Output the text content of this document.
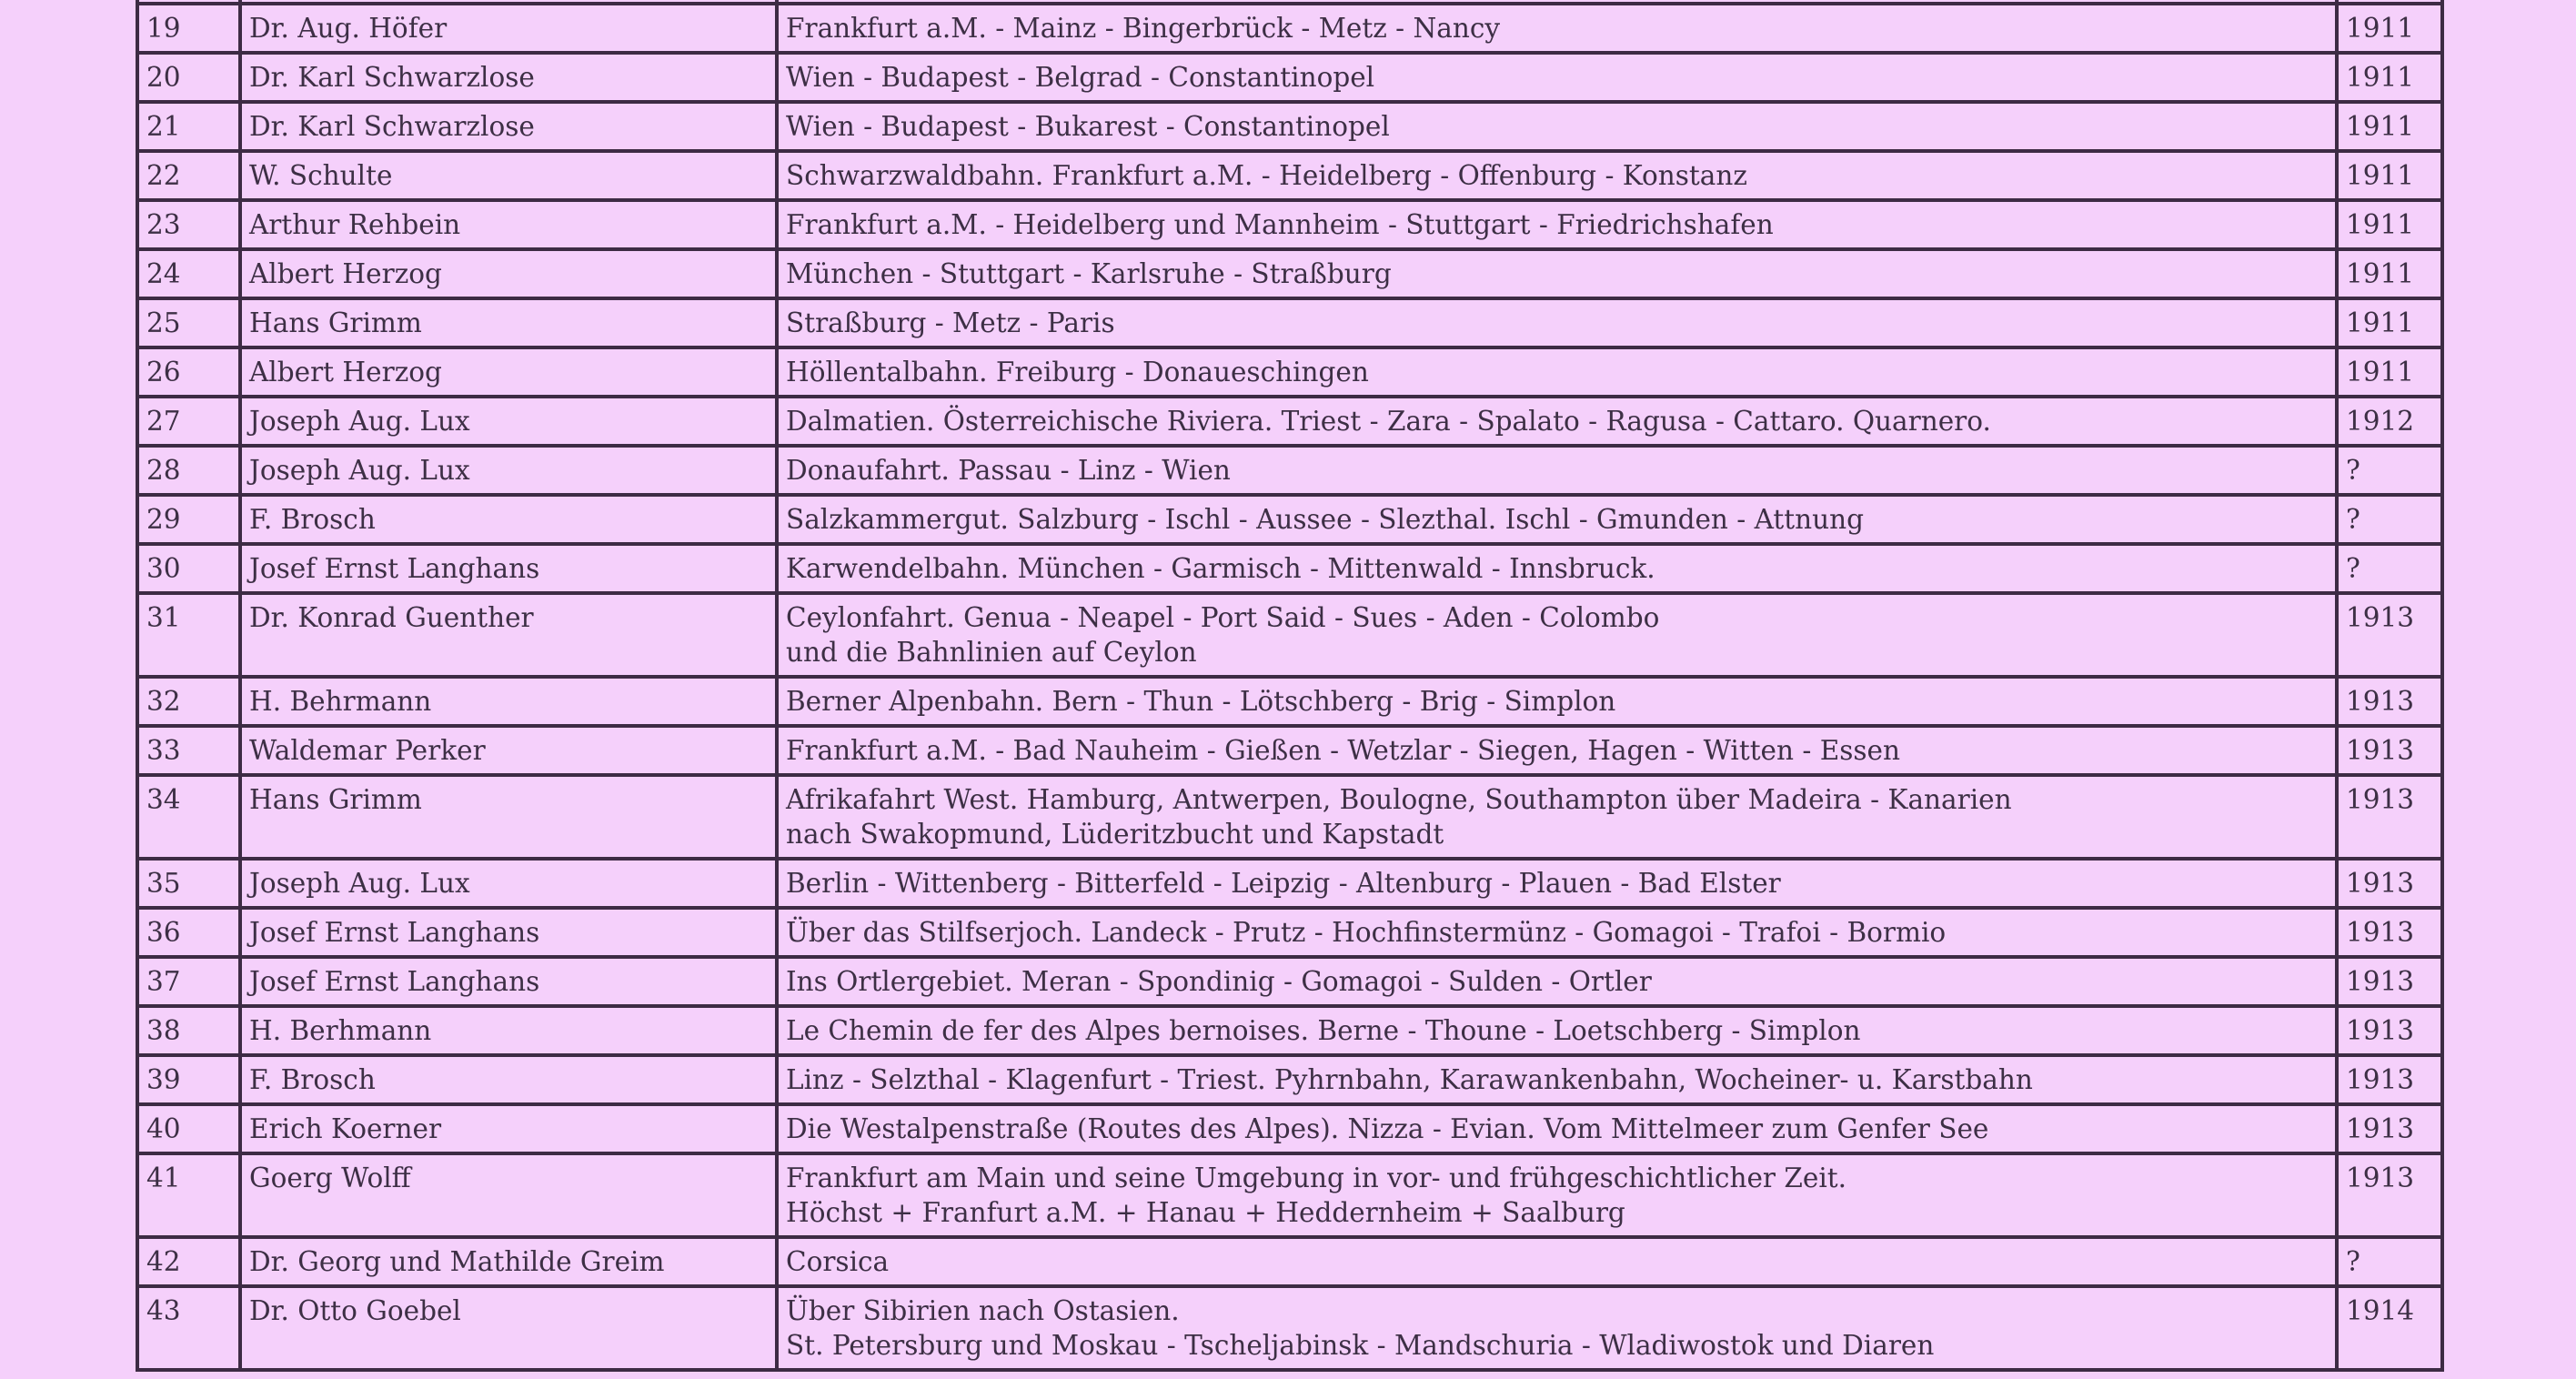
19	Dr. Aug. Höfer	Frankfurt a.M. - Mainz - Bingerbrück - Metz - Nancy	1911
20	Dr. Karl Schwarzlose	Wien - Budapest - Belgrad - Constantinopel	1911
21	Dr. Karl Schwarzlose	Wien - Budapest - Bukarest - Constantinopel	1911
22	W. Schulte	Schwarzwaldbahn. Frankfurt a.M. - Heidelberg - Offenburg - Konstanz	1911
23	Arthur Rehbein	Frankfurt a.M. - Heidelberg und Mannheim - Stuttgart - Friedrichshafen	1911
24	Albert Herzog	München - Stuttgart - Karlsruhe - Straßburg	1911
25	Hans Grimm	Straßburg - Metz - Paris	1911
26	Albert Herzog	Höllentalbahn. Freiburg - Donaueschingen	1911
27	Joseph Aug. Lux	Dalmatien. Österreichische Riviera. Triest - Zara - Spalato - Ragusa - Cattaro. Quarnero.	1912
28	Joseph Aug. Lux	Donaufahrt. Passau - Linz - Wien	?
29	F. Brosch	Salzkammergut. Salzburg - Ischl - Aussee - Slezthal. Ischl - Gmunden - Attnung	?
30	Josef Ernst Langhans	Karwendelbahn. München - Garmisch - Mittenwald - Innsbruck.	?
31	Dr. Konrad Guenther	Ceylonfahrt. Genua - Neapel - Port Said - Sues - Aden - Colombo
und die Bahnlinien auf Ceylon	1913
32	H. Behrmann	Berner Alpenbahn. Bern - Thun - Lötschberg - Brig - Simplon	1913
33	Waldemar Perker	Frankfurt a.M. - Bad Nauheim - Gießen - Wetzlar - Siegen, Hagen - Witten - Essen	1913
34	Hans Grimm	Afrikafahrt West. Hamburg, Antwerpen, Boulogne, Southampton über Madeira - Kanarien
nach Swakopmund, Lüderitzbucht und Kapstadt	1913
35	Joseph Aug. Lux	Berlin - Wittenberg - Bitterfeld - Leipzig - Altenburg - Plauen - Bad Elster	1913
36	Josef Ernst Langhans	Über das Stilfserjoch. Landeck - Prutz - Hochfinstermünz - Gomagoi - Trafoi - Bormio	1913
37	Josef Ernst Langhans	Ins Ortlergebiet. Meran - Spondinig - Gomagoi - Sulden - Ortler	1913
38	H. Berhmann	Le Chemin de fer des Alpes bernoises. Berne - Thoune - Loetschberg - Simplon	1913
39	F. Brosch	Linz - Selzthal - Klagenfurt - Triest. Pyhrnbahn, Karawankenbahn, Wocheiner- u. Karstbahn	1913
40	Erich Koerner	Die Westalpenstraße (Routes des Alpes). Nizza - Evian. Vom Mittelmeer zum Genfer See	1913
41	Goerg Wolff	Frankfurt am Main und seine Umgebung in vor- und frühgeschichtlicher Zeit.
Höchst + Franfurt a.M. + Hanau + Heddernheim + Saalburg	1913
42	Dr. Georg und Mathilde Greim	Corsica	?
43	Dr. Otto Goebel	Über Sibirien nach Ostasien.
St. Petersburg und Moskau - Tscheljabinsk - Mandschuria - Wladiwostok und Diaren	1914
